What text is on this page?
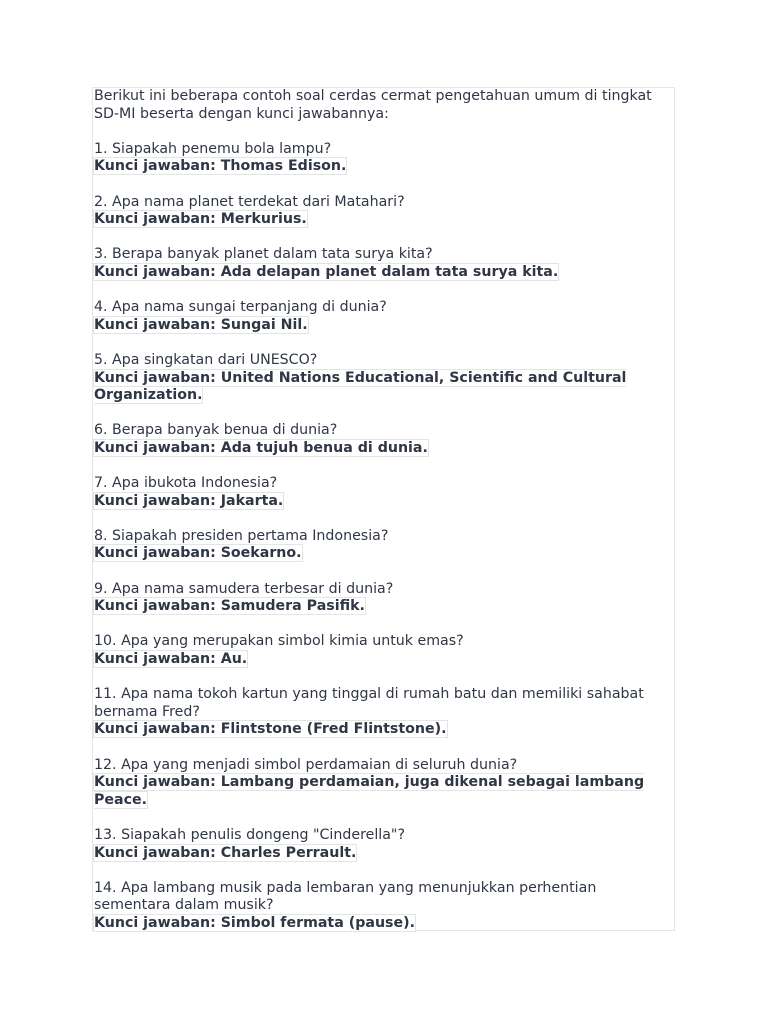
Berikut ini beberapa contoh soal cerdas cermat pengetahuan umum di tingkat SD-MI beserta dengan kunci jawabannya:

1. Siapakah penemu bola lampu?
Kunci jawaban: Thomas Edison.
2. Apa nama planet terdekat dari Matahari?
Kunci jawaban: Merkurius.
3. Berapa banyak planet dalam tata surya kita?
Kunci jawaban: Ada delapan planet dalam tata surya kita.
4. Apa nama sungai terpanjang di dunia?
Kunci jawaban: Sungai Nil.
5. Apa singkatan dari UNESCO?
Kunci jawaban: United Nations Educational, Scientific and Cultural Organization.
6. Berapa banyak benua di dunia?
Kunci jawaban: Ada tujuh benua di dunia.
7. Apa ibukota Indonesia?
Kunci jawaban: Jakarta.
8. Siapakah presiden pertama Indonesia?
Kunci jawaban: Soekarno.
9. Apa nama samudera terbesar di dunia?
Kunci jawaban: Samudera Pasifik.
10. Apa yang merupakan simbol kimia untuk emas?
Kunci jawaban: Au.
11. Apa nama tokoh kartun yang tinggal di rumah batu dan memiliki sahabat bernama Fred?
Kunci jawaban: Flintstone (Fred Flintstone).
12. Apa yang menjadi simbol perdamaian di seluruh dunia?
Kunci jawaban: Lambang perdamaian, juga dikenal sebagai lambang Peace.
13. Siapakah penulis dongeng "Cinderella"?
Kunci jawaban: Charles Perrault.
14. Apa lambang musik pada lembaran yang menunjukkan perhentian sementara dalam musik?
Kunci jawaban: Simbol fermata (pause).
